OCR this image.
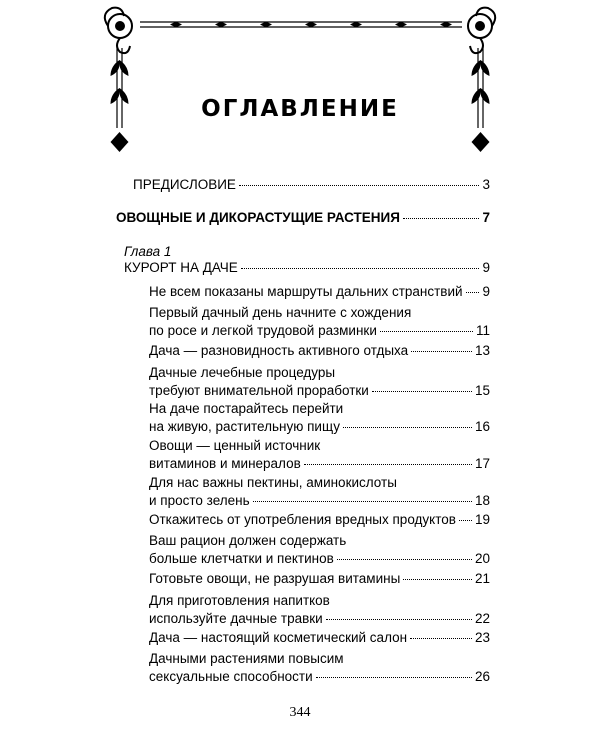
ОГЛАВЛЕНИЕ
ПРЕДИСЛОВИЕ	3
ОВОЩНЫЕ И ДИКОРАСТУЩИЕ РАСТЕНИЯ	7
Глава 1
КУРОРТ НА ДАЧЕ	9
Не всем показаны маршруты дальних странствий 9
Первый дачный день начните с хождения
по росе и легкой трудовой разминки	11
Дача — разновидность активного отдыха	13
Дачные лечебные процедуры
требуют внимательной проработки	15
На даче постарайтесь перейти
на живую, растительную пищу	16
Овощи — ценный источник
витаминов и минералов	17
Для нас важны пектины, аминокислоты
и просто зелень	18
Откажитесь от употребления вредных продуктов 19
Ваш рацион должен содержать
больше клетчатки и пектинов	20
Готовьте овощи, не разрушая витамины	21
Для приготовления напитков
используйте дачные травки	22
Дача — настоящий косметический салон	23
Дачными растениями повысим
сексуальные способности	26
344
